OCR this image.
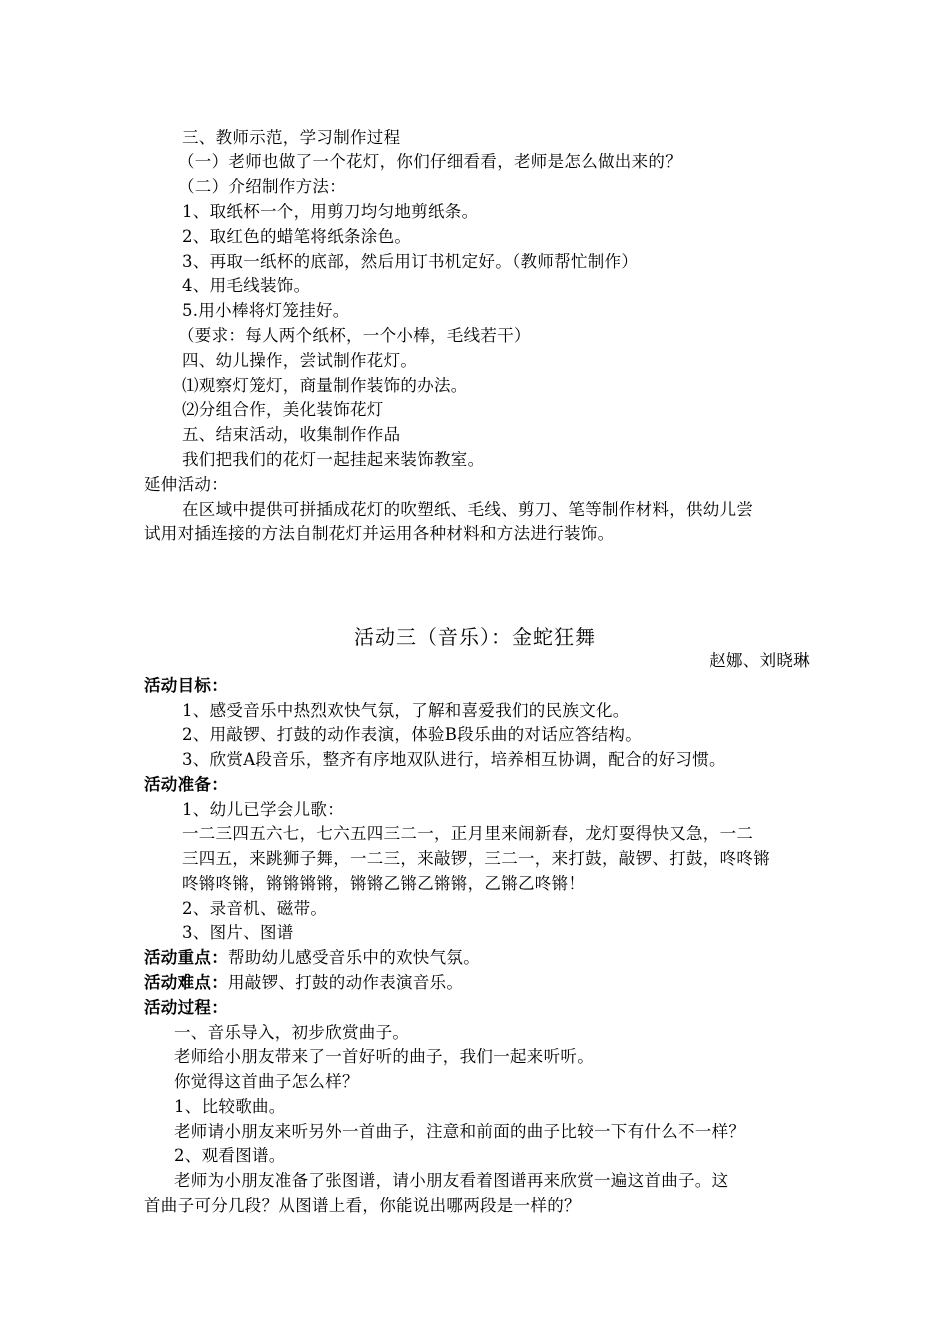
三、教师示范，学习制作过程
（一）老师也做了一个花灯，你们仔细看看，老师是怎么做出来的？
（二）介绍制作方法：
1、取纸杯一个，用剪刀均匀地剪纸条。
2、取红色的蜡笔将纸条涂色。
3、再取一纸杯的底部，然后用订书机定好。（教师帮忙制作）
4、用毛线装饰。
5.用小棒将灯笼挂好。
（要求：每人两个纸杯，一个小棒，毛线若干）
四、幼儿操作，尝试制作花灯。
⑴观察灯笼灯，商量制作装饰的办法。
⑵分组合作，美化装饰花灯
五、结束活动，收集制作作品
我们把我们的花灯一起挂起来装饰教室。
延伸活动：
在区域中提供可拼插成花灯的吹塑纸、毛线、剪刀、笔等制作材料，供幼儿尝
试用对插连接的方法自制花灯并运用各种材料和方法进行装饰。
活动三（音乐）：金蛇狂舞
赵娜、刘晓琳
活动目标：
1、感受音乐中热烈欢快气氛，了解和喜爱我们的民族文化。
2、用敲锣、打鼓的动作表演，体验B段乐曲的对话应答结构。
3、欣赏A段音乐，整齐有序地双队进行，培养相互协调，配合的好习惯。
活动准备：
1、幼儿已学会儿歌：
一二三四五六七，七六五四三二一，正月里来闹新春，龙灯耍得快又急，一二
三四五，来跳狮子舞，一二三，来敲锣，三二一，来打鼓，敲锣、打鼓，咚咚锵
咚锵咚锵，锵锵锵锵，锵锵乙锵乙锵锵，乙锵乙咚锵！
2、录音机、磁带。
3、图片、图谱
活动重点：帮助幼儿感受音乐中的欢快气氛。
活动难点：用敲锣、打鼓的动作表演音乐。
活动过程：
一、音乐导入，初步欣赏曲子。
老师给小朋友带来了一首好听的曲子，我们一起来听听。
你觉得这首曲子怎么样？
1、比较歌曲。
老师请小朋友来听另外一首曲子，注意和前面的曲子比较一下有什么不一样？
2、观看图谱。
老师为小朋友准备了张图谱，请小朋友看着图谱再来欣赏一遍这首曲子。这
首曲子可分几段？从图谱上看，你能说出哪两段是一样的？
